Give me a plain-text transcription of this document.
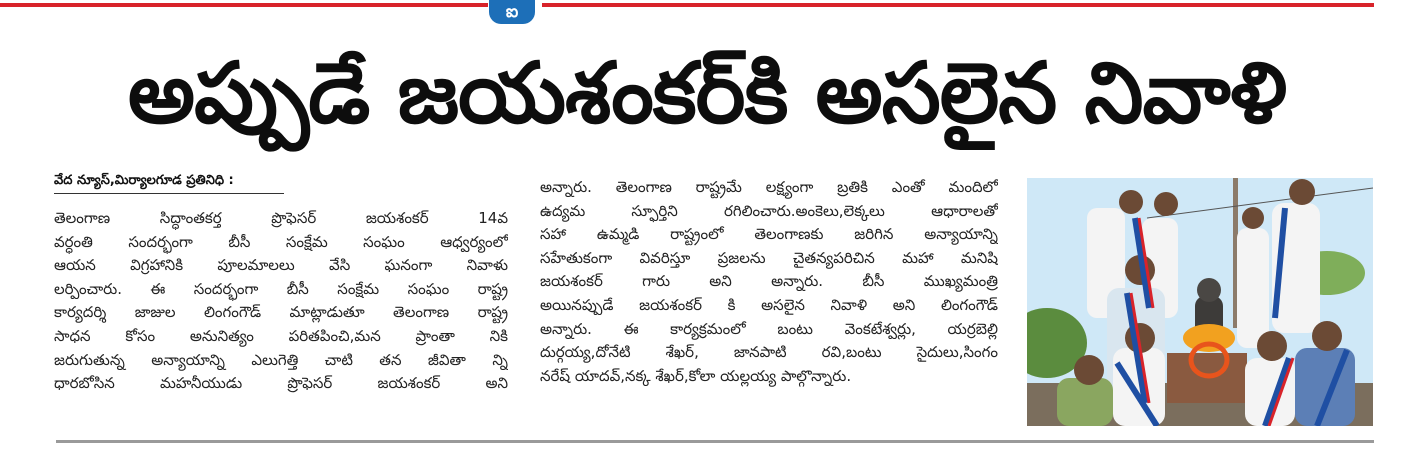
ఐ
అప్పుడే జయశంకర్‌కి అసలైన నివాళి
వేద న్యూస్,మిర్యాలగూడ ప్రతినిధి :
తెలంగాణ సిద్ధాంతకర్త ప్రొఫెసర్ జయశంకర్ 14వ
వర్ధంతి సందర్భంగా బీసీ సంక్షేమ సంఘం ఆధ్వర్యంలో
ఆయన విగ్రహానికి పూలమాలలు వేసి ఘనంగా నివాళు
లర్పించారు. ఈ సందర్భంగా బీసీ సంక్షేమ సంఘం రాష్ట్ర
కార్యదర్శి జాజుల లింగంగౌడ్ మాట్లాడుతూ తెలంగాణ రాష్ట్ర
సాధన కోసం అనునిత్యం పరితపించి,మన ప్రాంతా నికి
జరుగుతున్న అన్యాయాన్ని ఎలుగెత్తి చాటి తన జీవితా న్ని
ధారబోసిన మహనీయుడు ప్రొఫెసర్ జయశంకర్ అని
అన్నారు. తెలంగాణ రాష్ట్రమే లక్ష్యంగా బ్రతికి ఎంతో మందిలో
ఉద్యమ స్ఫూర్తిని రగిలించారు.అంకెలు,లెక్కలు ఆధారాలతో
సహా ఉమ్మడి రాష్ట్రంలో తెలంగాణకు జరిగిన అన్యాయాన్ని
సహేతుకంగా వివరిస్తూ ప్రజలను చైతన్యపరిచిన మహా మనిషి
జయశంకర్ గారు అని అన్నారు. బీసీ ముఖ్యమంత్రి
అయినప్పుడే జయశంకర్ కి అసలైన నివాళి అని లింగంగౌడ్
అన్నారు. ఈ కార్యక్రమంలో బంటు వెంకటేశ్వర్లు, యర్రబెల్లి
దుర్గయ్య,దోనేటి శేఖర్, జానపాటి రవి,బంటు సైదులు,సింగం
నరేష్ యాదవ్,నక్క శేఖర్,కోలా యల్లయ్య పాల్గొన్నారు.
